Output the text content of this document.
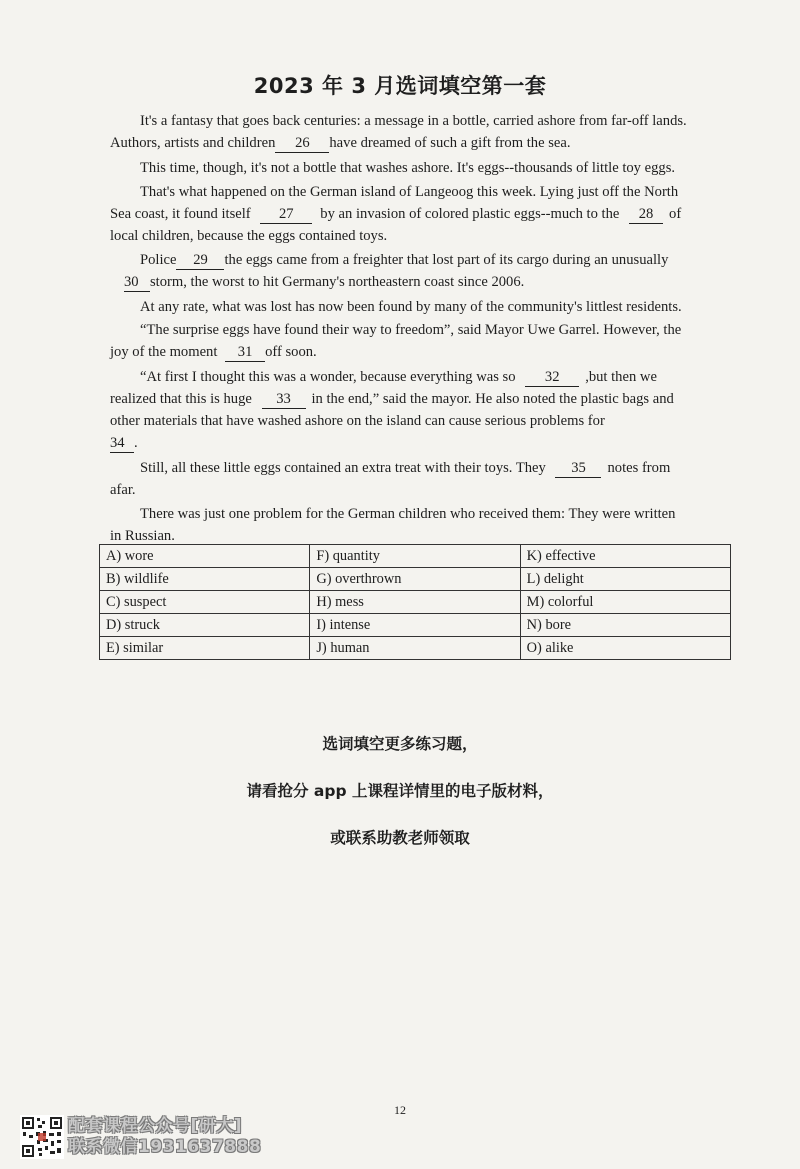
2023 年 3 月选词填空第一套
It's a fantasy that goes back centuries: a message in a bottle, carried ashore from far-off lands.
Authors, artists and children 26 have dreamed of such a gift from the sea.
This time, though, it's not a bottle that washes ashore. It's eggs--thousands of little toy eggs.
That's what happened on the German island of Langeoog this week. Lying just off the North
Sea coast, it found itself 27 by an invasion of colored plastic eggs--much to the 28 of
local children, because the eggs contained toys.
Police 29 the eggs came from a freighter that lost part of its cargo during an unusually
30 storm, the worst to hit Germany's northeastern coast since 2006.
At any rate, what was lost has now been found by many of the community's littlest residents.
“The surprise eggs have found their way to freedom”, said Mayor Uwe Garrel. However, the
joy of the moment 31 off soon.
“At first I thought this was a wonder, because everything was so 32 ,but then we
realized that this is huge 33 in the end,” said the mayor. He also noted the plastic bags and
other materials that have washed ashore on the island can cause serious problems for
34 .
Still, all these little eggs contained an extra treat with their toys. They 35 notes from
afar.
There was just one problem for the German children who received them: They were written
in Russian.
A) wore	F) quantity	K) effective
B) wildlife	G) overthrown	L) delight
C) suspect	H) mess	M) colorful
D) struck	I) intense	N) bore
E) similar	J) human	O) alike
选词填空更多练习题，
请看抢分 app 上课程详情里的电子版材料，
或联系助教老师领取
12
配套课程公众号[研大]
联系微信1931637888
